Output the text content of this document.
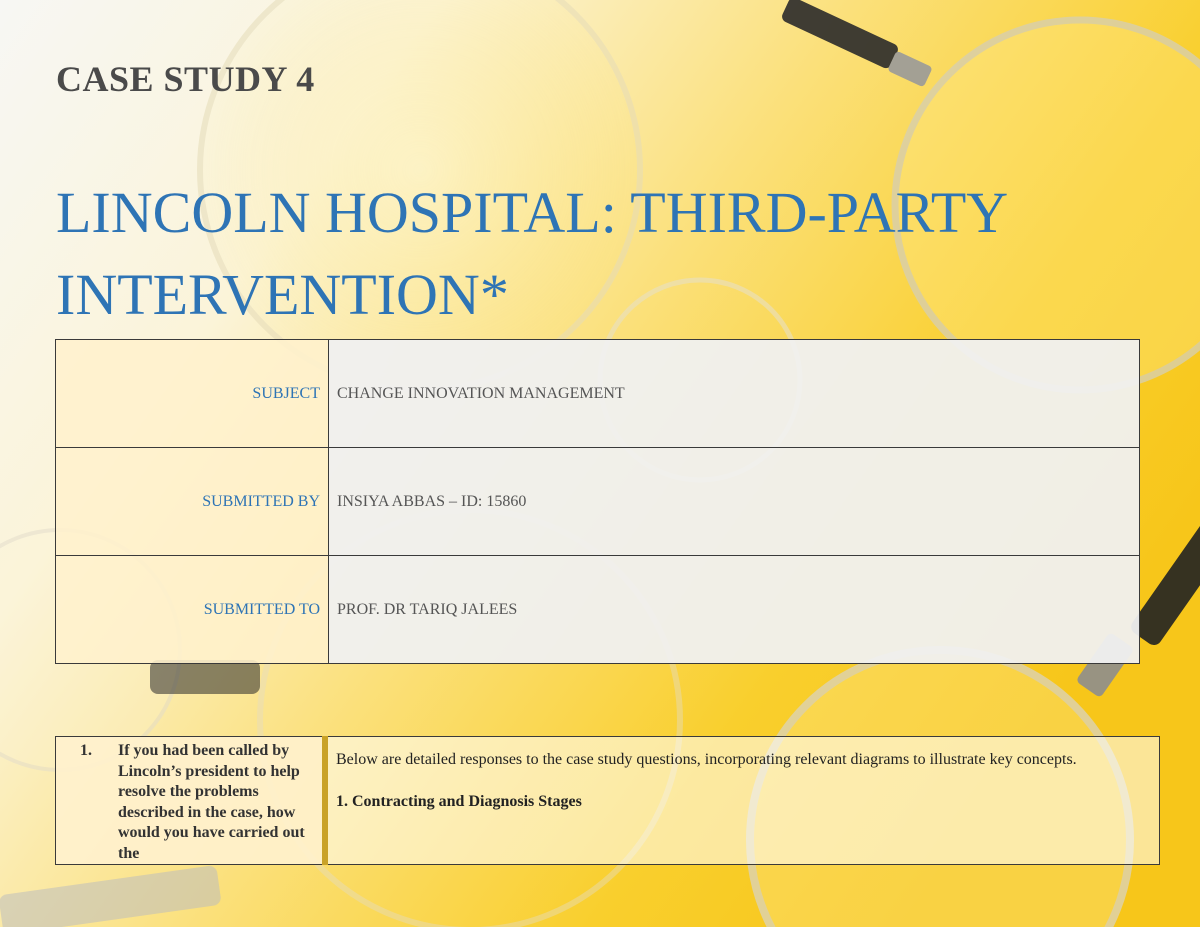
CASE STUDY 4
LINCOLN HOSPITAL: THIRD-PARTY
INTERVENTION*
SUBJECT	CHANGE INNOVATION MANAGEMENT
SUBMITTED BY	INSIYA ABBAS – ID: 15860
SUBMITTED TO	PROF. DR TARIQ JALEES
1.	If you had been called by Lincoln’s president to help resolve the problems described in the case, how would you have carried out the

Below are detailed responses to the case study questions, incorporating relevant diagrams to illustrate key concepts.

1. Contracting and Diagnosis Stages
